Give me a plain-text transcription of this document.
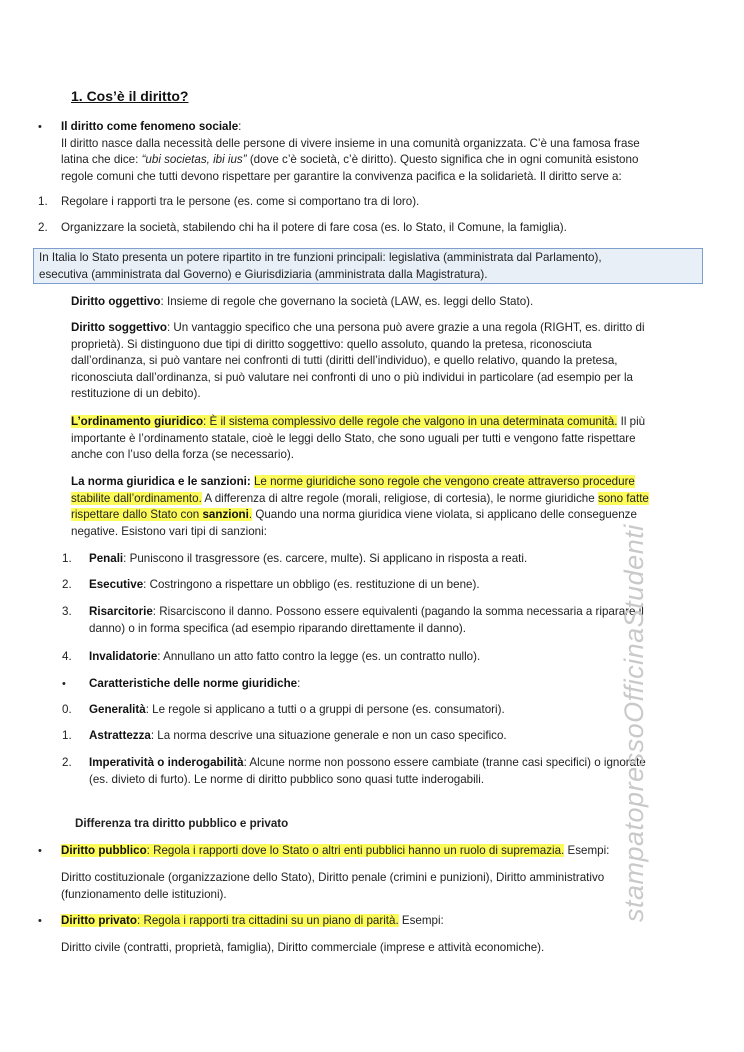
1. Cos’è il diritto?
• Il diritto come fenomeno sociale:
Il diritto nasce dalla necessità delle persone di vivere insieme in una comunità organizzata. C’è una famosa frase
latina che dice: “ubi societas, ibi ius” (dove c’è società, c’è diritto). Questo significa che in ogni comunità esistono
regole comuni che tutti devono rispettare per garantire la convivenza pacifica e la solidarietà. Il diritto serve a:
1. Regolare i rapporti tra le persone (es. come si comportano tra di loro).
2. Organizzare la società, stabilendo chi ha il potere di fare cosa (es. lo Stato, il Comune, la famiglia).
In Italia lo Stato presenta un potere ripartito in tre funzioni principali: legislativa (amministrata dal Parlamento),
esecutiva (amministrata dal Governo) e Giurisdiziaria (amministrata dalla Magistratura).
Diritto oggettivo: Insieme di regole che governano la società (LAW, es. leggi dello Stato).
Diritto soggettivo: Un vantaggio specifico che una persona può avere grazie a una regola (RIGHT, es. diritto di
proprietà). Si distinguono due tipi di diritto soggettivo: quello assoluto, quando la pretesa, riconosciuta
dall’ordinanza, si può vantare nei confronti di tutti (diritti dell’individuo), e quello relativo, quando la pretesa,
riconosciuta dall’ordinanza, si può valutare nei confronti di uno o più individui in particolare (ad esempio per la
restituzione di un debito).
L’ordinamento giuridico: È il sistema complessivo delle regole che valgono in una determinata comunità. Il più
importante è l’ordinamento statale, cioè le leggi dello Stato, che sono uguali per tutti e vengono fatte rispettare
anche con l’uso della forza (se necessario).
La norma giuridica e le sanzioni: Le norme giuridiche sono regole che vengono create attraverso procedure
stabilite dall’ordinamento. A differenza di altre regole (morali, religiose, di cortesia), le norme giuridiche sono fatte
rispettare dallo Stato con sanzioni. Quando una norma giuridica viene violata, si applicano delle conseguenze
negative. Esistono vari tipi di sanzioni:
1. Penali: Puniscono il trasgressore (es. carcere, multe). Si applicano in risposta a reati.
2. Esecutive: Costringono a rispettare un obbligo (es. restituzione di un bene).
3. Risarcitorie: Risarciscono il danno. Possono essere equivalenti (pagando la somma necessaria a riparare il
danno) o in forma specifica (ad esempio riparando direttamente il danno).
4. Invalidatorie: Annullano un atto fatto contro la legge (es. un contratto nullo).
• Caratteristiche delle norme giuridiche:
0. Generalità: Le regole si applicano a tutti o a gruppi di persone (es. consumatori).
1. Astrattezza: La norma descrive una situazione generale e non un caso specifico.
2. Imperatività o inderogabilità: Alcune norme non possono essere cambiate (tranne casi specifici) o ignorate
(es. divieto di furto). Le norme di diritto pubblico sono quasi tutte inderogabili.
Differenza tra diritto pubblico e privato
• Diritto pubblico: Regola i rapporti dove lo Stato o altri enti pubblici hanno un ruolo di supremazia. Esempi:
Diritto costituzionale (organizzazione dello Stato), Diritto penale (crimini e punizioni), Diritto amministrativo
(funzionamento delle istituzioni).
• Diritto privato: Regola i rapporti tra cittadini su un piano di parità. Esempi:
Diritto civile (contratti, proprietà, famiglia), Diritto commerciale (imprese e attività economiche).
stampatopressoOfficinaStudenti
